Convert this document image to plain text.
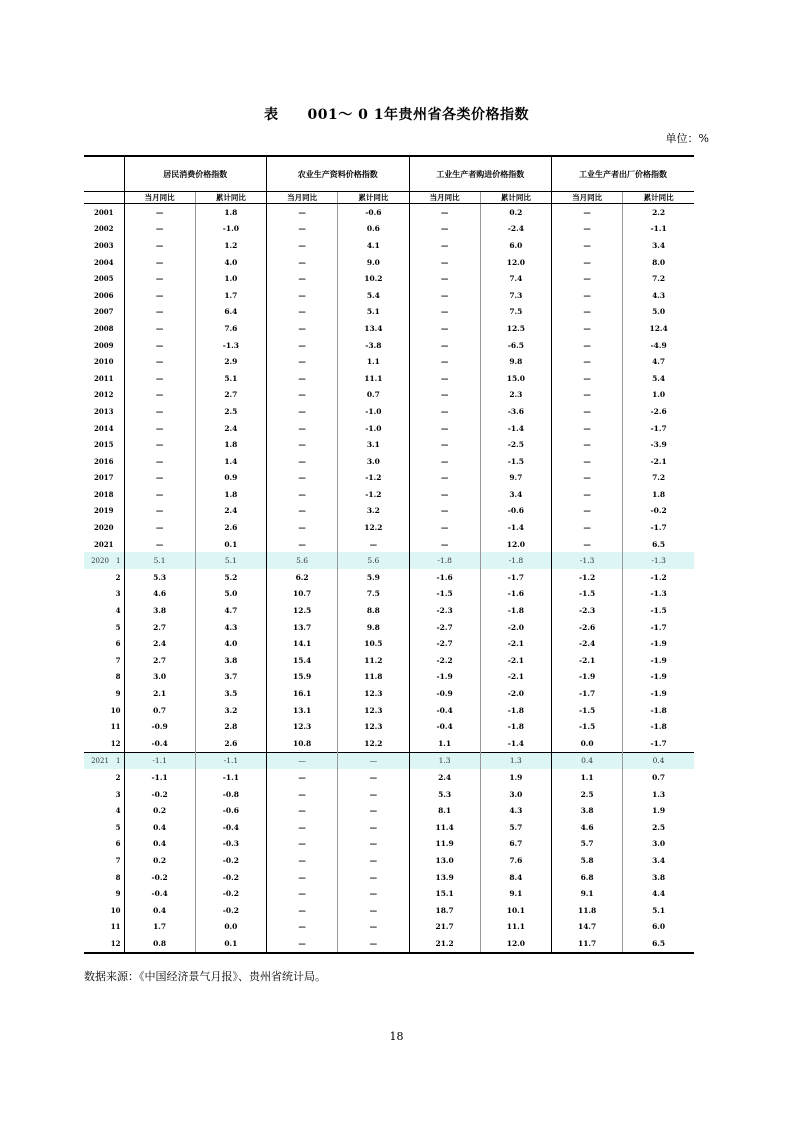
表　　001～ 0 1年贵州省各类价格指数
单位：%
	居民消费价格指数		农业生产资料价格指数		工业生产者购进价格指数		工业生产者出厂价格指数	
	当月同比	累计同比	当月同比	累计同比	当月同比	累计同比	当月同比	累计同比
2001	—	1.8	—	-0.6	—	0.2	—	2.2
2002	—	-1.0	—	0.6	—	-2.4	—	-1.1
2003	—	1.2	—	4.1	—	6.0	—	3.4
2004	—	4.0	—	9.0	—	12.0	—	8.0
2005	—	1.0	—	10.2	—	7.4	—	7.2
2006	—	1.7	—	5.4	—	7.3	—	4.3
2007	—	6.4	—	5.1	—	7.5	—	5.0
2008	—	7.6	—	13.4	—	12.5	—	12.4
2009	—	-1.3	—	-3.8	—	-6.5	—	-4.9
2010	—	2.9	—	1.1	—	9.8	—	4.7
2011	—	5.1	—	11.1	—	15.0	—	5.4
2012	—	2.7	—	0.7	—	2.3	—	1.0
2013	—	2.5	—	-1.0	—	-3.6	—	-2.6
2014	—	2.4	—	-1.0	—	-1.4	—	-1.7
2015	—	1.8	—	3.1	—	-2.5	—	-3.9
2016	—	1.4	—	3.0	—	-1.5	—	-2.1
2017	—	0.9	—	-1.2	—	9.7	—	7.2
2018	—	1.8	—	-1.2	—	3.4	—	1.8
2019	—	2.4	—	3.2	—	-0.6	—	-0.2
2020	—	2.6	—	12.2	—	-1.4	—	-1.7
2021	—	0.1	—	—	—	12.0	—	6.5
2020 1	5.1	5.1	5.6	5.6	-1.8	-1.8	-1.3	-1.3

2	5.3	5.2	6.2	5.9	-1.6	-1.7	-1.2	-1.2

3	4.6	5.0	10.7	7.5	-1.5	-1.6	-1.5	-1.3

4	3.8	4.7	12.5	8.8	-2.3	-1.8	-2.3	-1.5

5	2.7	4.3	13.7	9.8	-2.7	-2.0	-2.6	-1.7

6	2.4	4.0	14.1	10.5	-2.7	-2.1	-2.4	-1.9

7	2.7	3.8	15.4	11.2	-2.2	-2.1	-2.1	-1.9

8	3.0	3.7	15.9	11.8	-1.9	-2.1	-1.9	-1.9

9	2.1	3.5	16.1	12.3	-0.9	-2.0	-1.7	-1.9

10	0.7	3.2	13.1	12.3	-0.4	-1.8	-1.5	-1.8

11	-0.9	2.8	12.3	12.3	-0.4	-1.8	-1.5	-1.8

12	-0.4	2.6	10.8	12.2	1.1	-1.4	0.0	-1.7
2021 1	-1.1	-1.1	—	—	1.3	1.3	0.4	0.4

2	-1.1	-1.1	—	—	2.4	1.9	1.1	0.7

3	-0.2	-0.8	—	—	5.3	3.0	2.5	1.3

4	0.2	-0.6	—	—	8.1	4.3	3.8	1.9

5	0.4	-0.4	—	—	11.4	5.7	4.6	2.5

6	0.4	-0.3	—	—	11.9	6.7	5.7	3.0

7	0.2	-0.2	—	—	13.0	7.6	5.8	3.4

8	-0.2	-0.2	—	—	13.9	8.4	6.8	3.8

9	-0.4	-0.2	—	—	15.1	9.1	9.1	4.4

10	0.4	-0.2	—	—	18.7	10.1	11.8	5.1

11	1.7	0.0	—	—	21.7	11.1	14.7	6.0

12	0.8	0.1	—	—	21.2	12.0	11.7	6.5
数据来源：《中国经济景气月报》、贵州省统计局。
18
